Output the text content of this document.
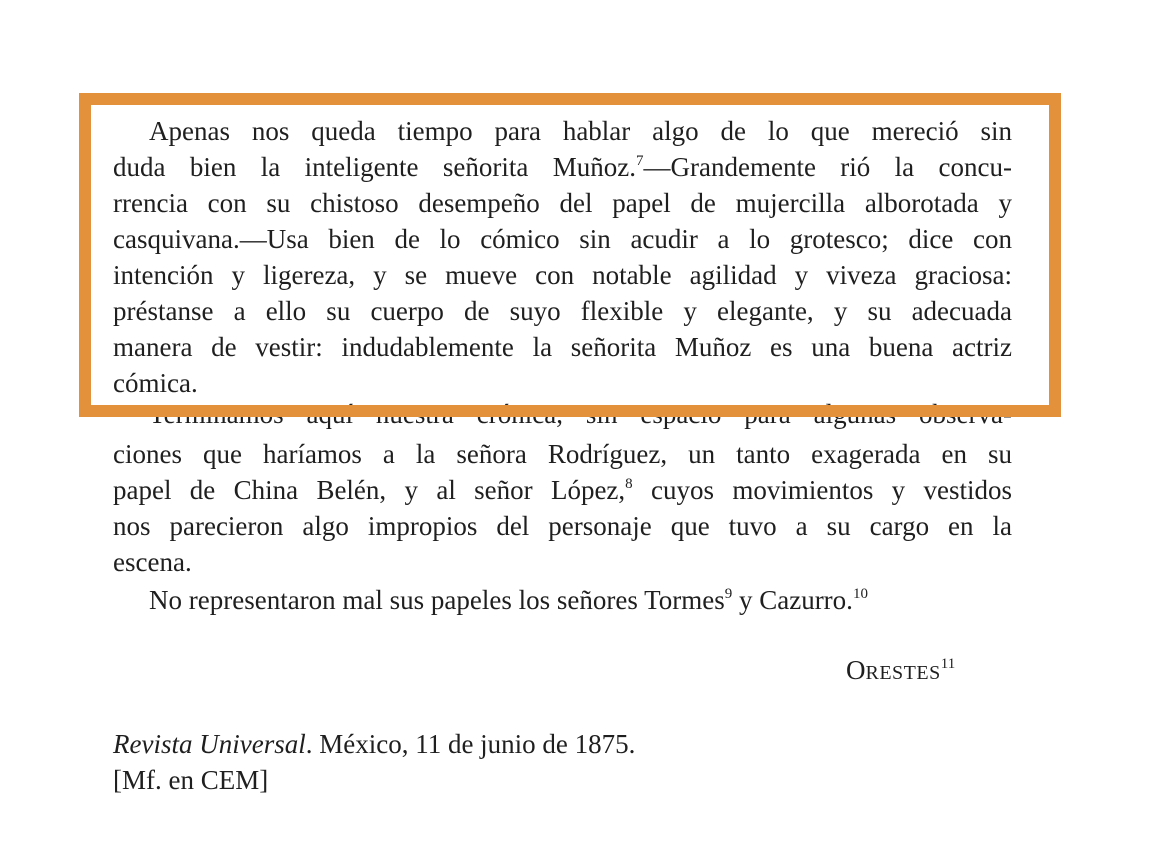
Apenas nos queda tiempo para hablar algo de lo que mereció sin
duda bien la inteligente señorita Muñoz.$^7$—Grandemente rió la concu-
rrencia con su chistoso desempeño del papel de mujercilla alborotada y
casquivana.—Usa bien de lo cómico sin acudir a lo grotesco; dice con
intención y ligereza, y se mueve con notable agilidad y viveza graciosa:
préstanse a ello su cuerpo de suyo flexible y elegante, y su adecuada
manera de vestir: indudablemente la señorita Muñoz es una buena actriz
cómica.
Terminamos aquí nuestra crónica, sin espacio para algunas observa-
ciones que haríamos a la señora Rodríguez, un tanto exagerada en su
papel de China Belén, y al señor López,$^8$ cuyos movimientos y vestidos
nos parecieron algo impropios del personaje que tuvo a su cargo en la
escena.
No representaron mal sus papeles los señores Tormes$^9$ y Cazurro.$^{10}$
ORESTES$^{11}$
Revista Universal. México, 11 de junio de 1875.
[Mf. en CEM]
